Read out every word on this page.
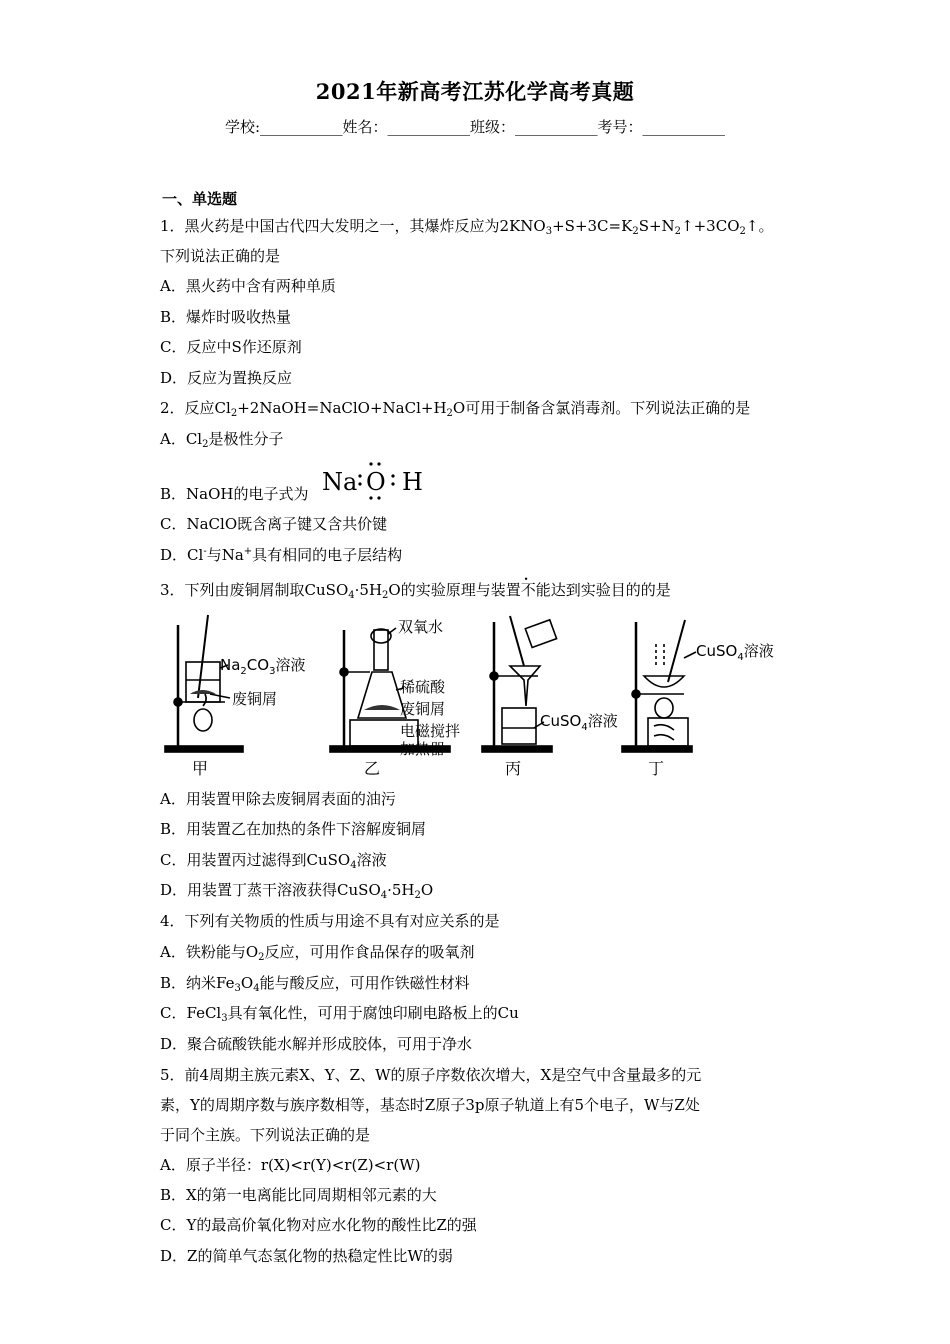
2021年新高考江苏化学高考真题
学校:___________姓名：___________班级：___________考号：___________
一、单选题
1．黑火药是中国古代四大发明之一，其爆炸反应为$2KNO_3+S+3C=K_2S+N_2↑+3CO_2↑$。
下列说法正确的是
A．黑火药中含有两种单质
B．爆炸时吸收热量
C．反应中S作还原剂
D．反应为置换反应
2．反应$Cl_2+2NaOH=NaClO+NaCl+H_2O$可用于制备含氯消毒剂。下列说法正确的是
A．$Cl_2$是极性分子
B．NaOH的电子式为 Na O H
C．NaClO既含离子键又含共价键
D．Cl-与Na+具有相同的电子层结构
3．下列由废铜屑制取$CuSO_4\cdot 5H_2O$的实验原理与装置不能达到实验目的的是
$Na_2CO_3$溶液
废铜屑
甲
双氧水
稀硫酸
废铜屑
电磁搅拌
加热器
乙
CuSO$_4$溶液
丙
CuSO$_4$溶液
丁
A．用装置甲除去废铜屑表面的油污
B．用装置乙在加热的条件下溶解废铜屑
C．用装置丙过滤得到CuSO$_4$溶液
D．用装置丁蒸干溶液获得$CuSO_4\cdot 5H_2O$
4．下列有关物质的性质与用途不具有对应关系的是
A．铁粉能与$O_2$反应，可用作食品保存的吸氧剂
B．纳米$Fe_3O_4$能与酸反应，可用作铁磁性材料
C．FeCl$_3$具有氧化性，可用于腐蚀印刷电路板上的Cu
D．聚合硫酸铁能水解并形成胶体，可用于净水
5．前4周期主族元素X、Y、Z、W的原子序数依次增大，X是空气中含量最多的元
素，Y的周期序数与族序数相等，基态时Z原子3p原子轨道上有5个电子，W与Z处
于同个主族。下列说法正确的是
A．原子半径：r(X)<r(Y)<r(Z)<r(W)
B．X的第一电离能比同周期相邻元素的大
C．Y的最高价氧化物对应水化物的酸性比Z的强
D．Z的简单气态氢化物的热稳定性比W的弱
